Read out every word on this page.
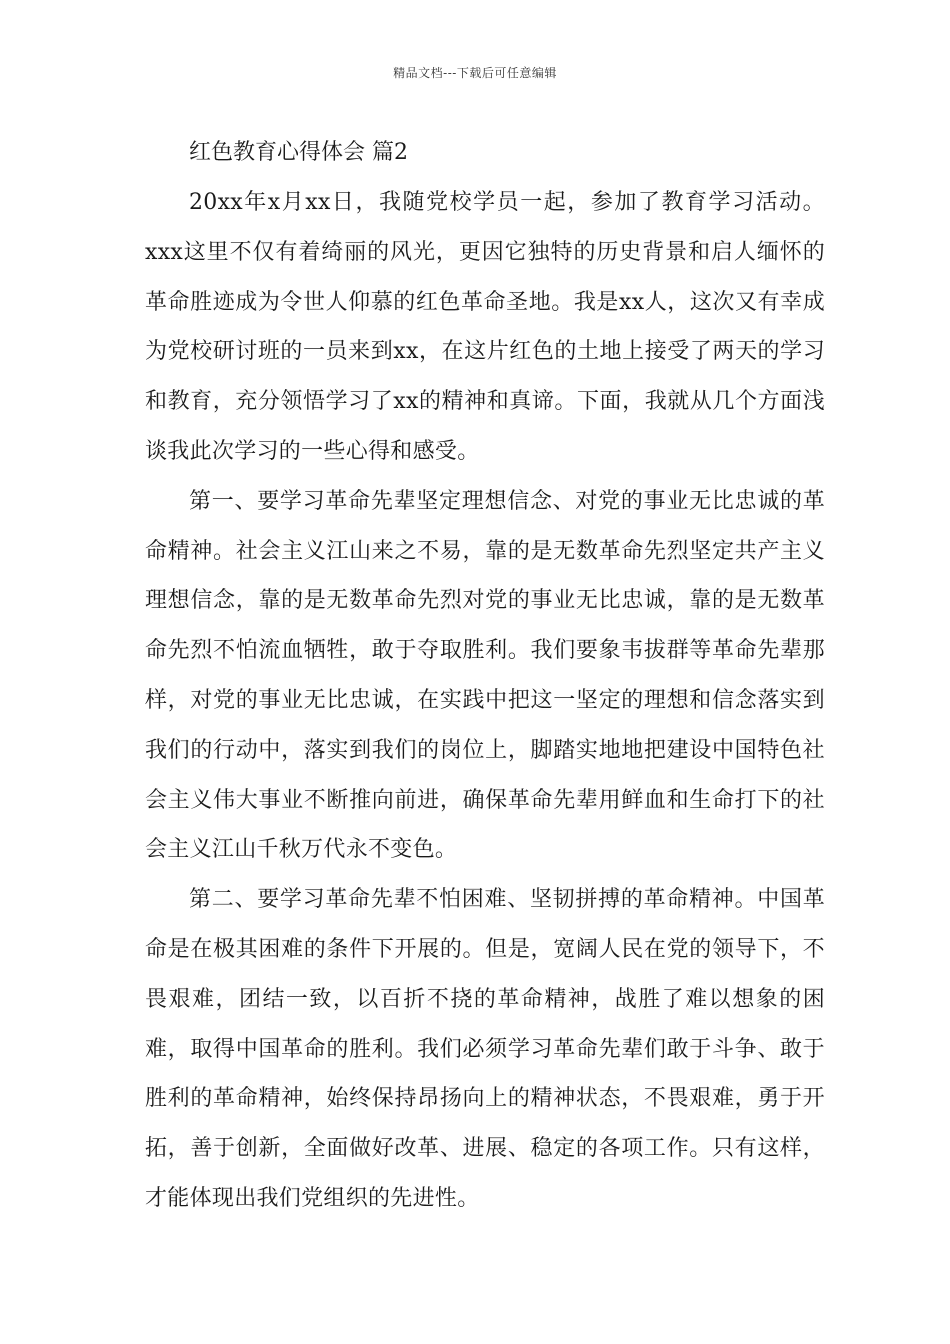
精品文档---下载后可任意编辑

红色教育心得体会 篇2

20xx年x月xx日，我随党校学员一起，参加了教育学习活动。xxx这里不仅有着绮丽的风光，更因它独特的历史背景和启人缅怀的革命胜迹成为令世人仰慕的红色革命圣地。我是xx人，这次又有幸成为党校研讨班的一员来到xx，在这片红色的土地上接受了两天的学习和教育，充分领悟学习了xx的精神和真谛。下面，我就从几个方面浅谈我此次学习的一些心得和感受。

第一、要学习革命先辈坚定理想信念、对党的事业无比忠诚的革命精神。社会主义江山来之不易，靠的是无数革命先烈坚定共产主义理想信念，靠的是无数革命先烈对党的事业无比忠诚，靠的是无数革命先烈不怕流血牺牲，敢于夺取胜利。我们要象韦拔群等革命先辈那样，对党的事业无比忠诚，在实践中把这一坚定的理想和信念落实到我们的行动中，落实到我们的岗位上，脚踏实地地把建设中国特色社会主义伟大事业不断推向前进，确保革命先辈用鲜血和生命打下的社会主义江山千秋万代永不变色。

第二、要学习革命先辈不怕困难、坚韧拼搏的革命精神。中国革命是在极其困难的条件下开展的。但是，宽阔人民在党的领导下，不畏艰难，团结一致，以百折不挠的革命精神，战胜了难以想象的困难，取得中国革命的胜利。我们必须学习革命先辈们敢于斗争、敢于胜利的革命精神，始终保持昂扬向上的精神状态，不畏艰难，勇于开拓，善于创新，全面做好改革、进展、稳定的各项工作。只有这样，才能体现出我们党组织的先进性。
